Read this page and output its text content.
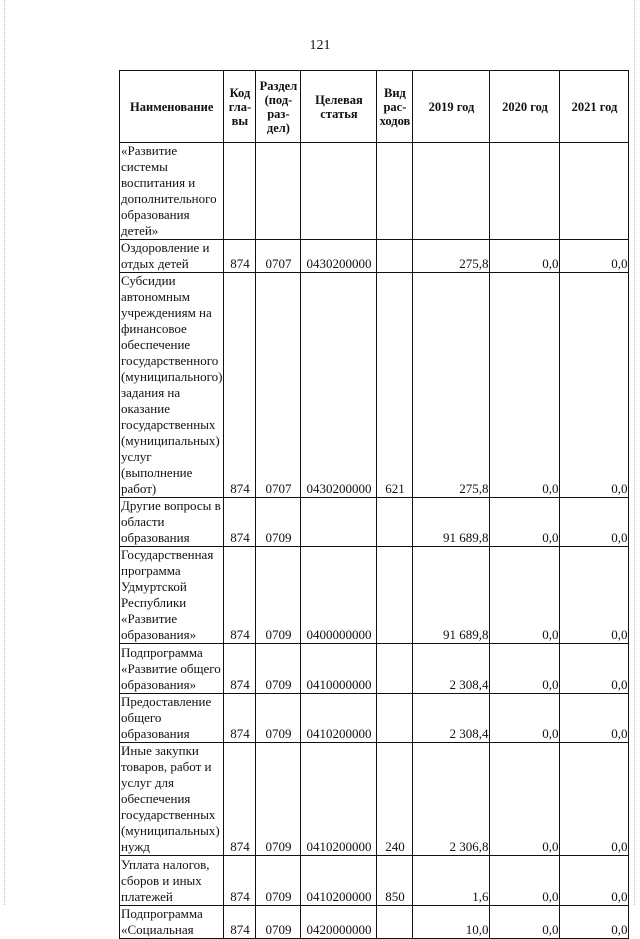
121
Наименование	Код гла- вы	Раздел (под- раз- дел)	Целевая статья	Вид рас- ходов	2019 год	2020 год	2021 год
«Развитие системы воспитания и дополнительного образования детей»							
Оздоровление и отдых детей	874	0707	0430200000		275,8	0,0	0,0
Субсидии автономным учреждениям на финансовое обеспечение государственного (муниципального) задания на оказание государственных (муниципальных) услуг (выполнение работ)	874	0707	0430200000	621	275,8	0,0	0,0
Другие вопросы в области образования	874	0709			91 689,8	0,0	0,0
Государственная программа Удмуртской Республики «Развитие образования»	874	0709	0400000000		91 689,8	0,0	0,0
Подпрограмма «Развитие общего образования»	874	0709	0410000000		2 308,4	0,0	0,0
Предоставление общего образования	874	0709	0410200000		2 308,4	0,0	0,0
Иные закупки товаров, работ и услуг для обеспечения государственных (муниципальных) нужд	874	0709	0410200000	240	2 306,8	0,0	0,0
Уплата налогов, сборов и иных платежей	874	0709	0410200000	850	1,6	0,0	0,0
Подпрограмма «Социальная	874	0709	0420000000		10,0	0,0	0,0
